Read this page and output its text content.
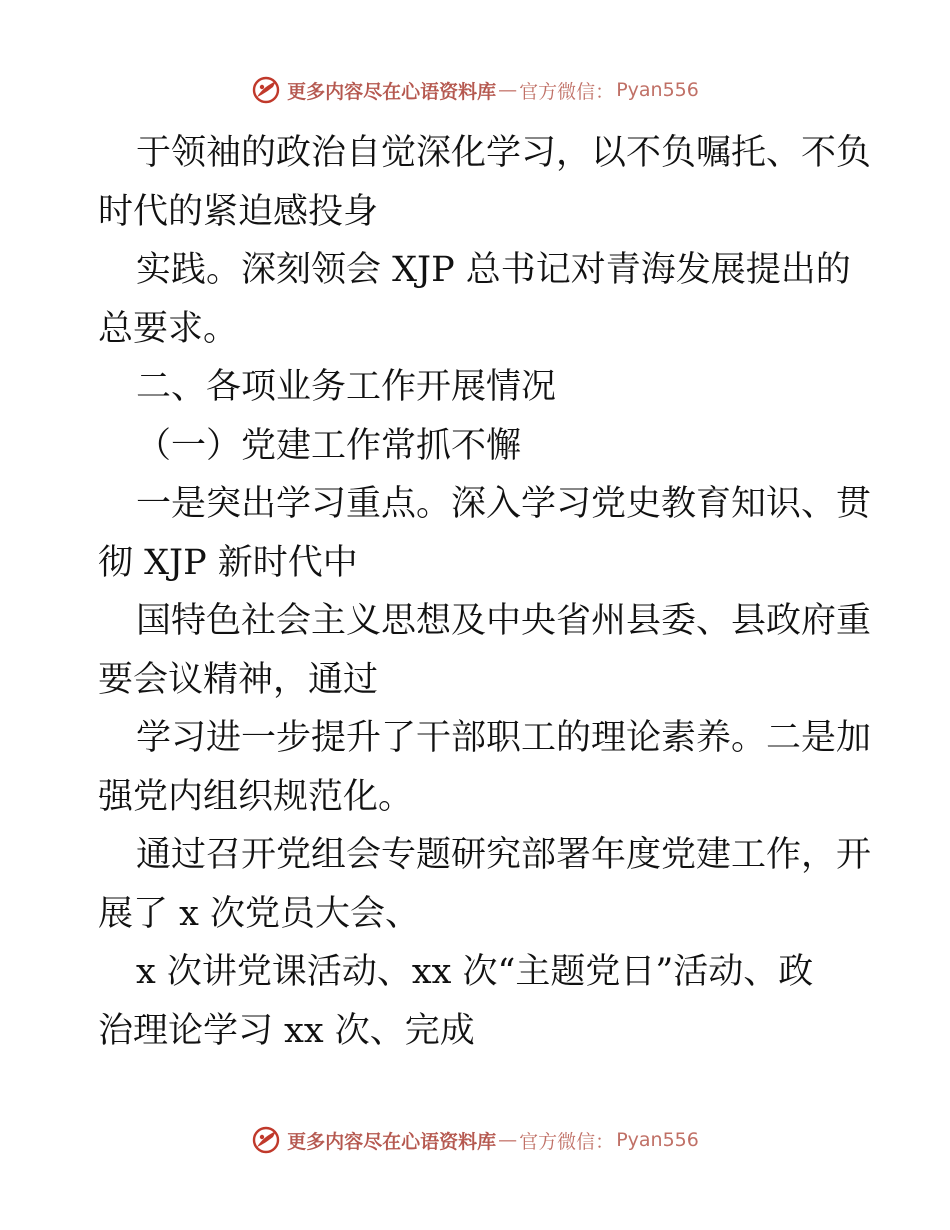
更多内容尽在心语资料库 — 官方微信： Pyan556
于领袖的政治自觉深化学习，以不负嘱托、不负
时代的紧迫感投身
实践。深刻领会 XJP 总书记对青海发展提出的
总要求。
二、各项业务工作开展情况
（一）党建工作常抓不懈
一是突出学习重点。深入学习党史教育知识、贯
彻 XJP 新时代中
国特色社会主义思想及中央省州县委、县政府重
要会议精神，通过
学习进一步提升了干部职工的理论素养。二是加
强党内组织规范化。
通过召开党组会专题研究部署年度党建工作，开
展了 x 次党员大会、
x 次讲党课活动、xx 次“主题党日”活动、政
治理论学习 xx 次、完成
更多内容尽在心语资料库 — 官方微信： Pyan556
